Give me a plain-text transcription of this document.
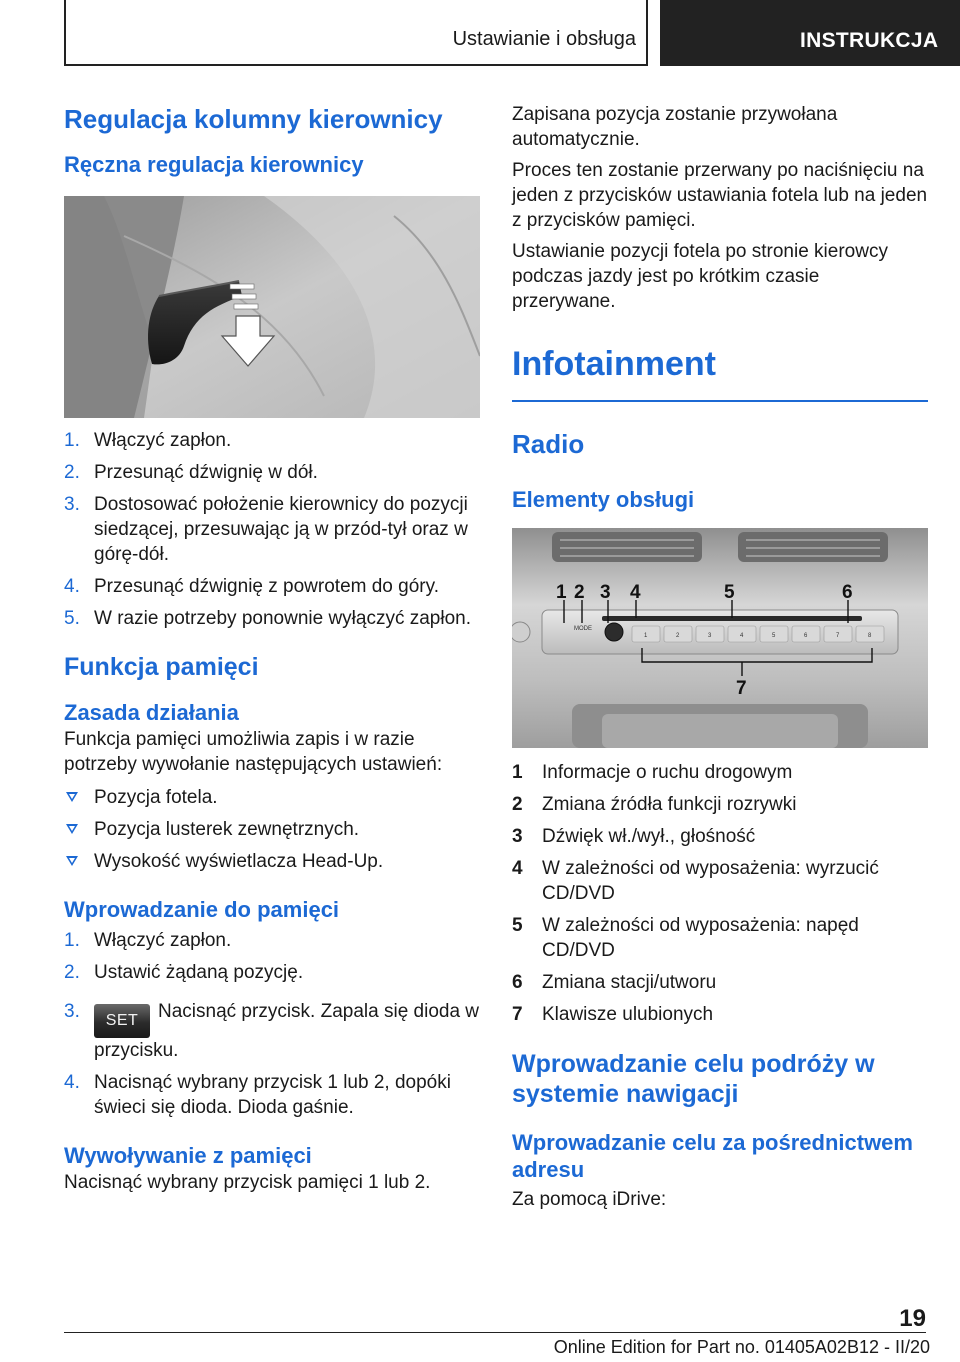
Ustawianie i obsługa	INSTRUKCJA
Regulacja kolumny kierownicy
Ręczna regulacja kierownicy
1. Włączyć zapłon.
2. Przesunąć dźwignię w dół.
3. Dostosować położenie kierownicy do pozycji siedzącej, przesuwając ją w przód-tył oraz w górę-dół.
4. Przesunąć dźwignię z powrotem do góry.
5. W razie potrzeby ponownie wyłączyć zapłon.
Funkcja pamięci
Zasada działania

Funkcja pamięci umożliwia zapis i w razie potrzeby wywołanie następujących ustawień:

Pozycja fotela.
Pozycja lusterek zewnętrznych.
Wysokość wyświetlacza Head-Up.
Wprowadzanie do pamięci
1. Włączyć zapłon.
2. Ustawić żądaną pozycję.
3. SET Nacisnąć przycisk. Zapala się dioda w przycisku.
4. Nacisnąć wybrany przycisk 1 lub 2, dopóki świeci się dioda. Dioda gaśnie.
Wywoływanie z pamięci

Nacisnąć wybrany przycisk pamięci 1 lub 2.

Zapisana pozycja zostanie przywołana automatycznie.

Proces ten zostanie przerwany po naciśnięciu na jeden z przycisków ustawiania fotela lub na jeden z przycisków pamięci.

Ustawianie pozycji fotela po stronie kierowcy podczas jazdy jest po krótkim czasie przerywane.

Infotainment
Radio
Elementy obsługi
MODE
1	2	3	4	5	6	7	8
1 2 3 4	5	6
7
1 Informacje o ruchu drogowym
2 Zmiana źródła funkcji rozrywki
3 Dźwięk wł./wył., głośność
4 W zależności od wyposażenia: wyrzucić CD/DVD
5 W zależności od wyposażenia: napęd CD/DVD
6 Zmiana stacji/utworu
7 Klawisze ulubionych
Wprowadzanie celu podróży w systemie nawigacji
Wprowadzanie celu za pośrednictwem adresu

Za pomocą iDrive:

19
Online Edition for Part no. 01405A02B12 - II/20
